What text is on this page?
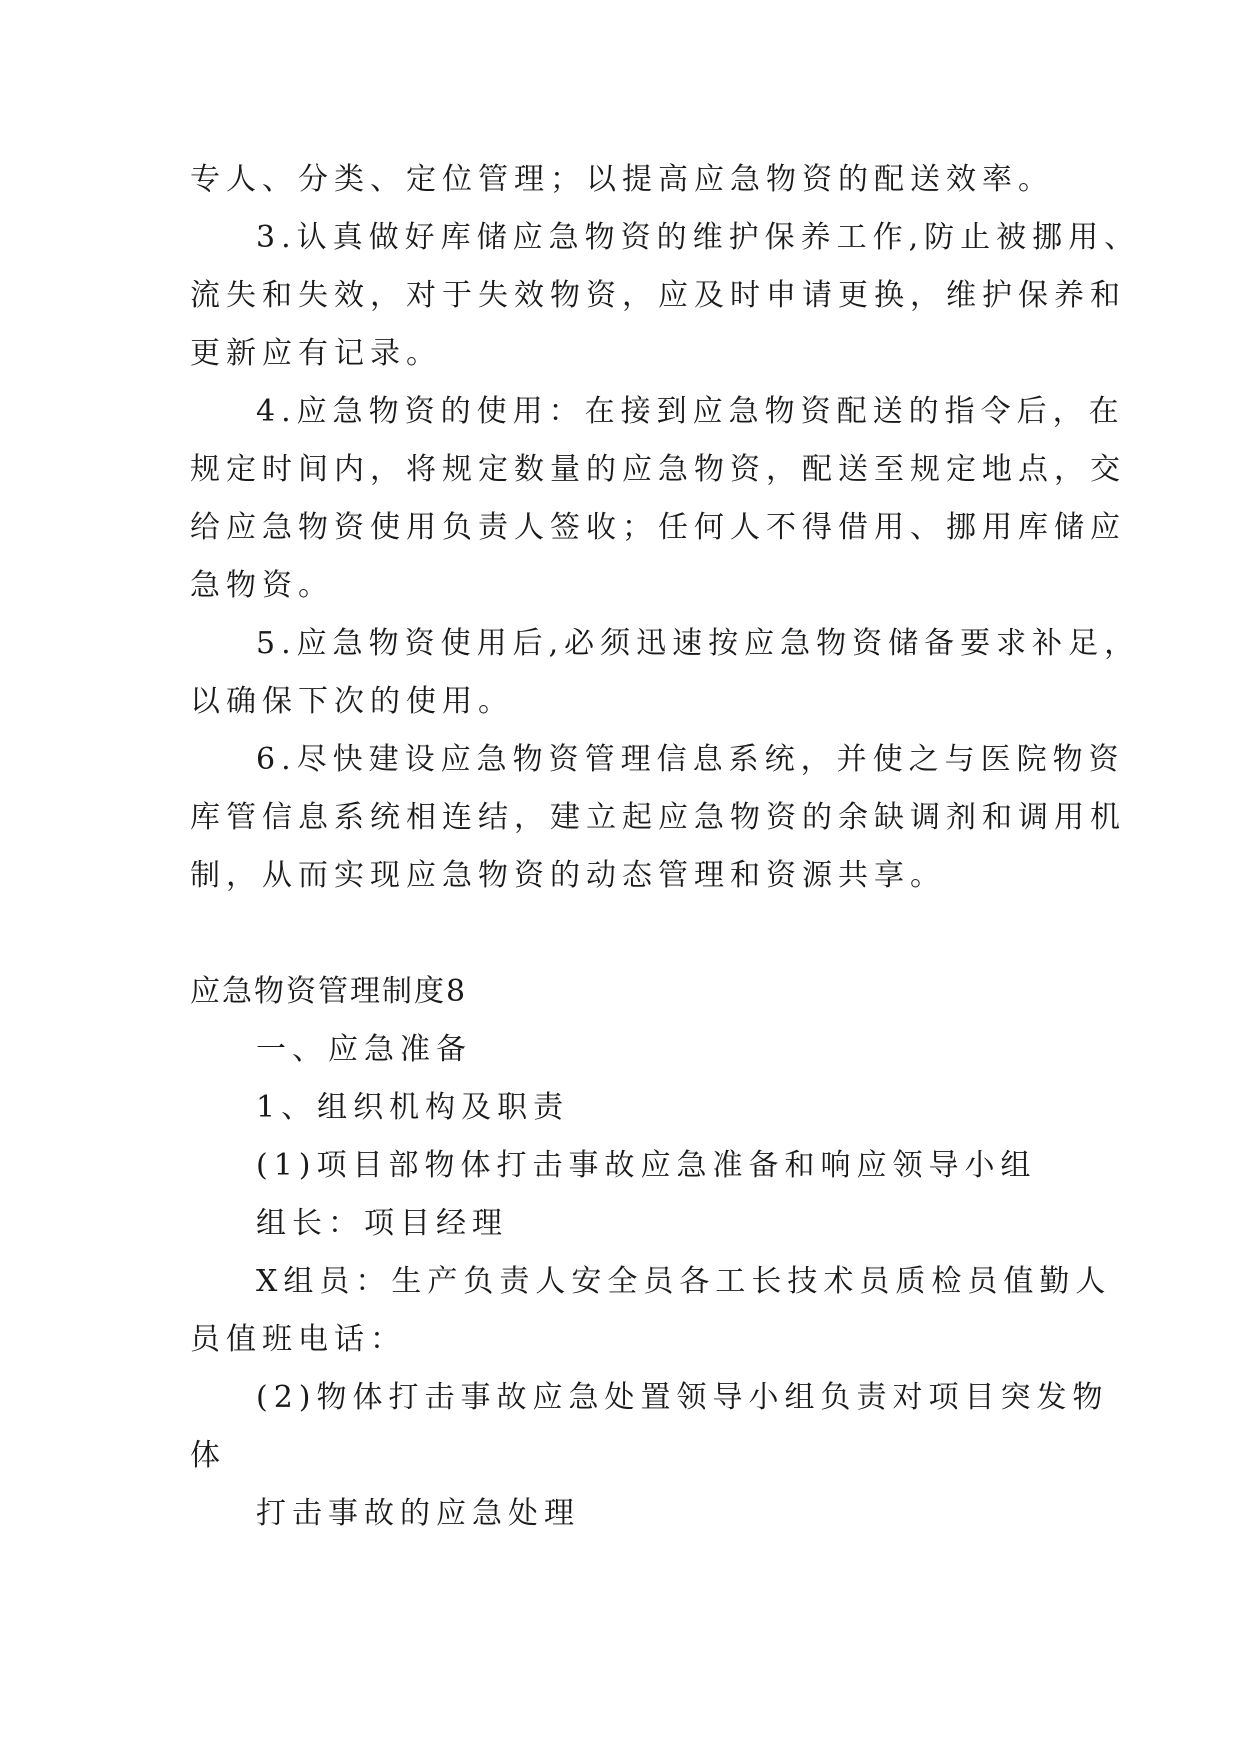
专人、分类、定位管理；以提高应急物资的配送效率。
3.认真做好库储应急物资的维护保养工作,防止被挪用、
流失和失效，对于失效物资，应及时申请更换，维护保养和
更新应有记录。
4.应急物资的使用：在接到应急物资配送的指令后，在
规定时间内，将规定数量的应急物资，配送至规定地点，交
给应急物资使用负责人签收；任何人不得借用、挪用库储应
急物资。
5.应急物资使用后,必须迅速按应急物资储备要求补足，
以确保下次的使用。
6.尽快建设应急物资管理信息系统，并使之与医院物资
库管信息系统相连结，建立起应急物资的余缺调剂和调用机
制，从而实现应急物资的动态管理和资源共享。
应急物资管理制度8
一、应急准备
1、组织机构及职责
(1)项目部物体打击事故应急准备和响应领导小组
组长：项目经理
X组员：生产负责人安全员各工长技术员质检员值勤人
员值班电话：
(2)物体打击事故应急处置领导小组负责对项目突发物
体
打击事故的应急处理
